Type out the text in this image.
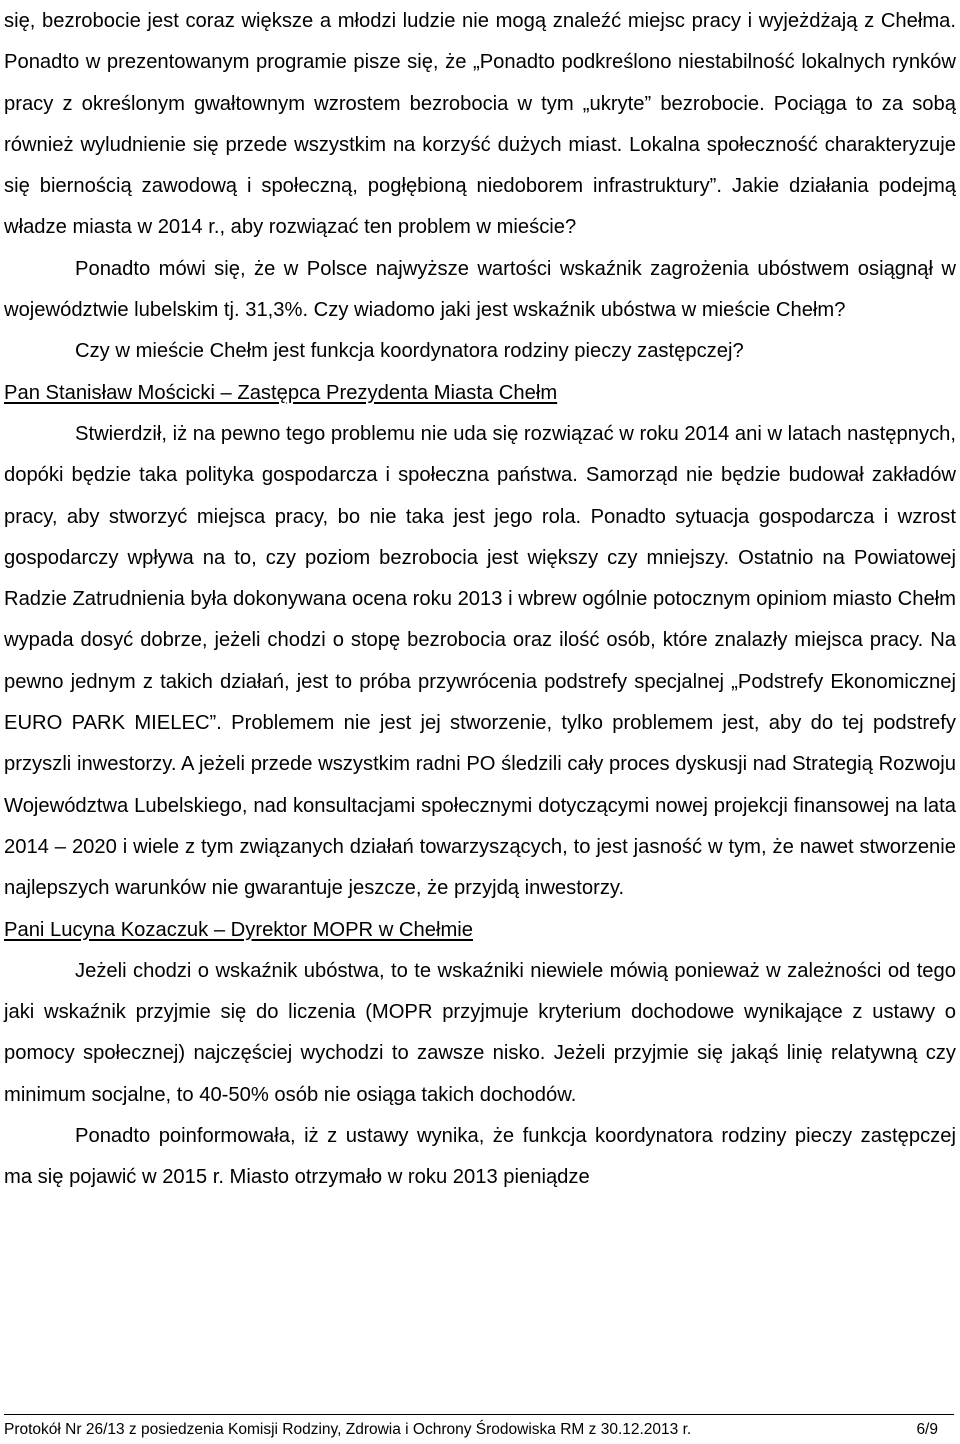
się, bezrobocie jest coraz większe a młodzi ludzie nie mogą znaleźć miejsc pracy i wyjeżdżają z Chełma. Ponadto w prezentowanym programie pisze się, że „Ponadto podkreślono niestabilność lokalnych rynków pracy z określonym gwałtownym wzrostem bezrobocia w tym „ukryte” bezrobocie. Pociąga to za sobą również wyludnienie się przede wszystkim na korzyść dużych miast. Lokalna społeczność charakteryzuje się biernością zawodową i społeczną, pogłębioną niedoborem infrastruktury”. Jakie działania podejmą władze miasta w 2014 r., aby rozwiązać ten problem w mieście?

Ponadto mówi się, że w Polsce najwyższe wartości wskaźnik zagrożenia ubóstwem osiągnął w województwie lubelskim tj. 31,3%. Czy wiadomo jaki jest wskaźnik ubóstwa w mieście Chełm?

Czy w mieście Chełm jest funkcja koordynatora rodziny pieczy zastępczej?

Pan Stanisław Mościcki – Zastępca Prezydenta Miasta Chełm

Stwierdził, iż na pewno tego problemu nie uda się rozwiązać w roku 2014 ani w latach następnych, dopóki będzie taka polityka gospodarcza i społeczna państwa. Samorząd nie będzie budował zakładów pracy, aby stworzyć miejsca pracy, bo nie taka jest jego rola. Ponadto sytuacja gospodarcza i wzrost gospodarczy wpływa na to, czy poziom bezrobocia jest większy czy mniejszy. Ostatnio na Powiatowej Radzie Zatrudnienia była dokonywana ocena roku 2013 i wbrew ogólnie potocznym opiniom miasto Chełm wypada dosyć dobrze, jeżeli chodzi o stopę bezrobocia oraz ilość osób, które znalazły miejsca pracy. Na pewno jednym z takich działań, jest to próba przywrócenia podstrefy specjalnej „Podstrefy Ekonomicznej EURO PARK MIELEC”. Problemem nie jest jej stworzenie, tylko problemem jest, aby do tej podstrefy przyszli inwestorzy. A jeżeli przede wszystkim radni PO śledzili cały proces dyskusji nad Strategią Rozwoju Województwa Lubelskiego, nad konsultacjami społecznymi dotyczącymi nowej projekcji finansowej na lata 2014 – 2020 i wiele z tym związanych działań towarzyszących, to jest jasność w tym, że nawet stworzenie najlepszych warunków nie gwarantuje jeszcze, że przyjdą inwestorzy.

Pani Lucyna Kozaczuk – Dyrektor MOPR w Chełmie

Jeżeli chodzi o wskaźnik ubóstwa, to te wskaźniki niewiele mówią ponieważ w zależności od tego jaki wskaźnik przyjmie się do liczenia (MOPR przyjmuje kryterium dochodowe wynikające z ustawy o pomocy społecznej) najczęściej wychodzi to zawsze nisko. Jeżeli przyjmie się jakąś linię relatywną czy minimum socjalne, to 40-50% osób nie osiąga takich dochodów.

Ponadto poinformowała, iż z ustawy wynika, że funkcja koordynatora rodziny pieczy zastępczej ma się pojawić w 2015 r. Miasto otrzymało w roku 2013 pieniądze

Protokół Nr 26/13 z posiedzenia Komisji Rodziny, Zdrowia i Ochrony Środowiska RM z 30.12.2013 r.	6/9
